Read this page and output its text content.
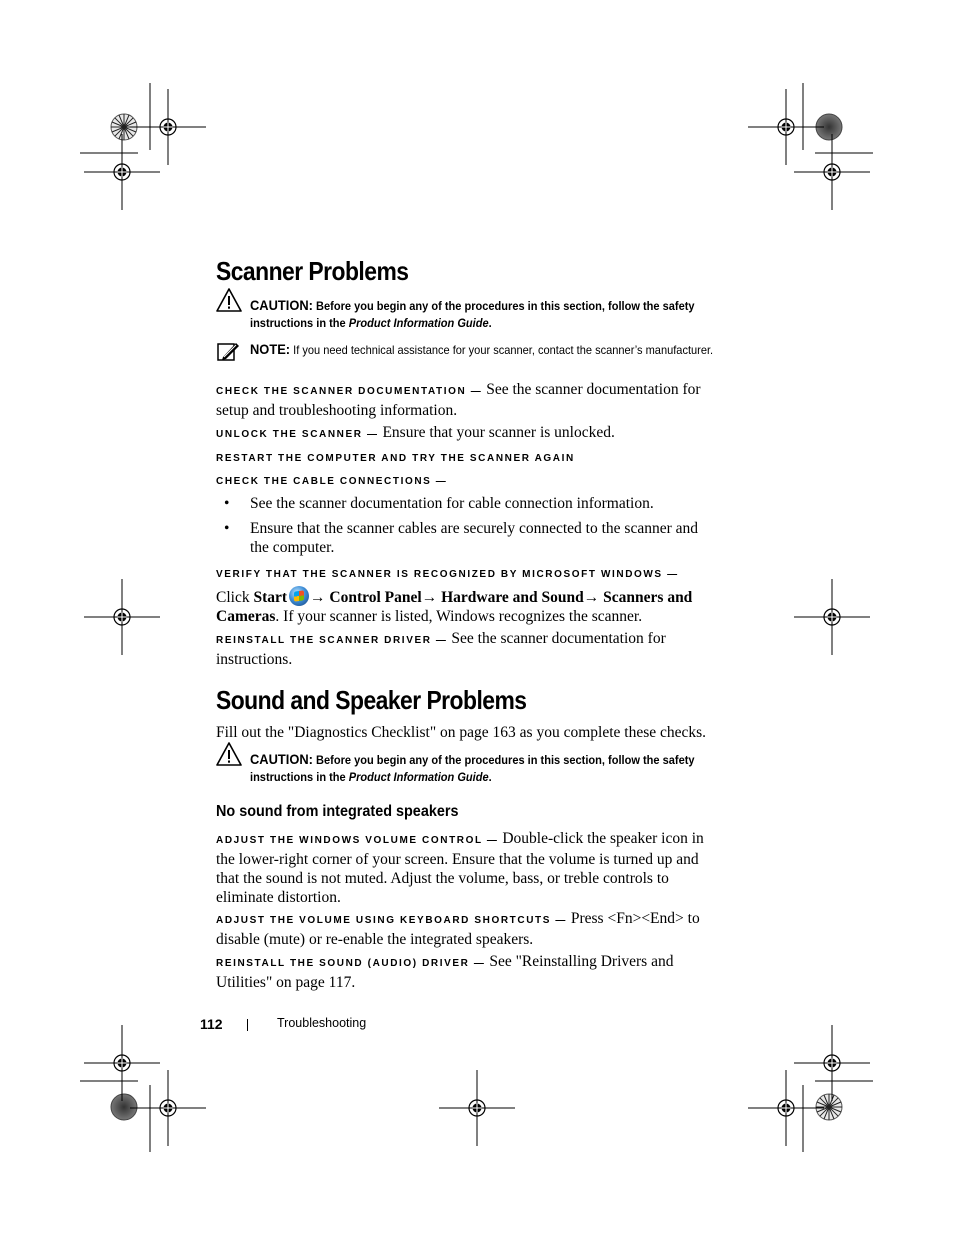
Scanner Problems
CAUTION: Before you begin any of the procedures in this section, follow the safety instructions in the Product Information Guide.
NOTE: If you need technical assistance for your scanner, contact the scanner’s manufacturer.
CHECK THE SCANNER DOCUMENTATION — See the scanner documentation for setup and troubleshooting information.
UNLOCK THE SCANNER — Ensure that your scanner is unlocked.
RESTART THE COMPUTER AND TRY THE SCANNER AGAIN
CHECK THE CABLE CONNECTIONS —
• See the scanner documentation for cable connection information.
• Ensure that the scanner cables are securely connected to the scanner and the computer.
VERIFY THAT THE SCANNER IS RECOGNIZED BY MICROSOFT WINDOWS —
Click Start → Control Panel→ Hardware and Sound→ Scanners and Cameras. If your scanner is listed, Windows recognizes the scanner.
REINSTALL THE SCANNER DRIVER — See the scanner documentation for instructions.
Sound and Speaker Problems
Fill out the "Diagnostics Checklist" on page 163 as you complete these checks.
CAUTION: Before you begin any of the procedures in this section, follow the safety instructions in the Product Information Guide.
No sound from integrated speakers
ADJUST THE WINDOWS VOLUME CONTROL — Double-click the speaker icon in the lower-right corner of your screen. Ensure that the volume is turned up and that the sound is not muted. Adjust the volume, bass, or treble controls to eliminate distortion.
ADJUST THE VOLUME USING KEYBOARD SHORTCUTS — Press <Fn><End> to disable (mute) or re-enable the integrated speakers.
REINSTALL THE SOUND (AUDIO) DRIVER — See "Reinstalling Drivers and Utilities" on page 117.
112	Troubleshooting
